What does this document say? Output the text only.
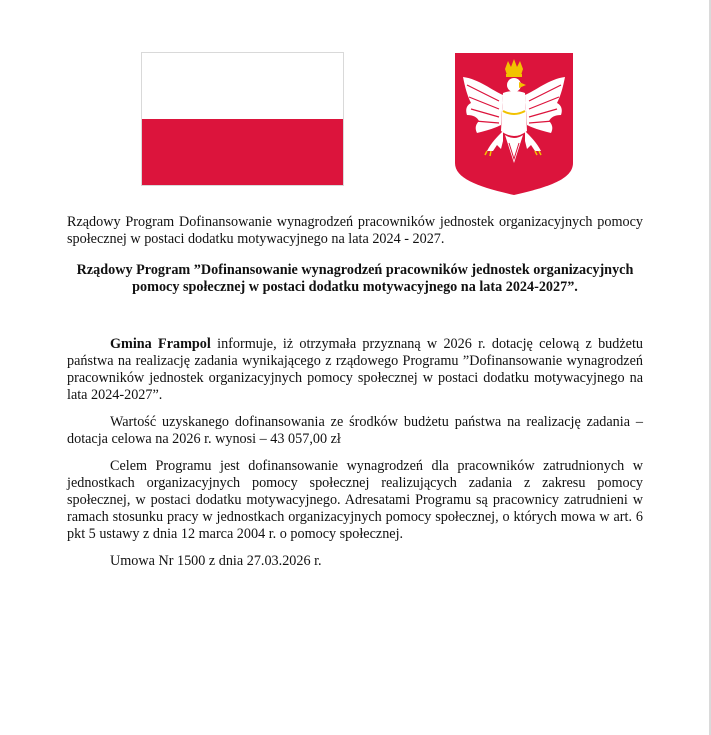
Rządowy Program Dofinansowanie wynagrodzeń pracowników jednostek organizacyjnych pomocy społecznej w postaci dodatku motywacyjnego na lata 2024 - 2027.

Rządowy Program ”Dofinansowanie wynagrodzeń pracowników jednostek organizacyjnych pomocy społecznej w postaci dodatku motywacyjnego na lata 2024-2027”.

Gmina Frampol informuje, iż otrzymała przyznaną w 2026 r. dotację celową z budżetu państwa na realizację zadania wynikającego z rządowego Programu ”Dofinansowanie wynagrodzeń pracowników jednostek organizacyjnych pomocy społecznej w postaci dodatku motywacyjnego na lata 2024-2027”.

Wartość uzyskanego dofinansowania ze środków budżetu państwa na realizację zadania – dotacja celowa na 2026 r. wynosi – 43 057,00 zł

Celem Programu jest dofinansowanie wynagrodzeń dla pracowników zatrudnionych w jednostkach organizacyjnych pomocy społecznej realizujących zadania z zakresu pomocy społecznej, w postaci dodatku motywacyjnego. Adresatami Programu są pracownicy zatrudnieni w ramach stosunku pracy w jednostkach organizacyjnych pomocy społecznej, o których mowa w art. 6 pkt 5 ustawy z dnia 12 marca 2004 r. o pomocy społecznej.

Umowa Nr 1500 z dnia 27.03.2026 r.
